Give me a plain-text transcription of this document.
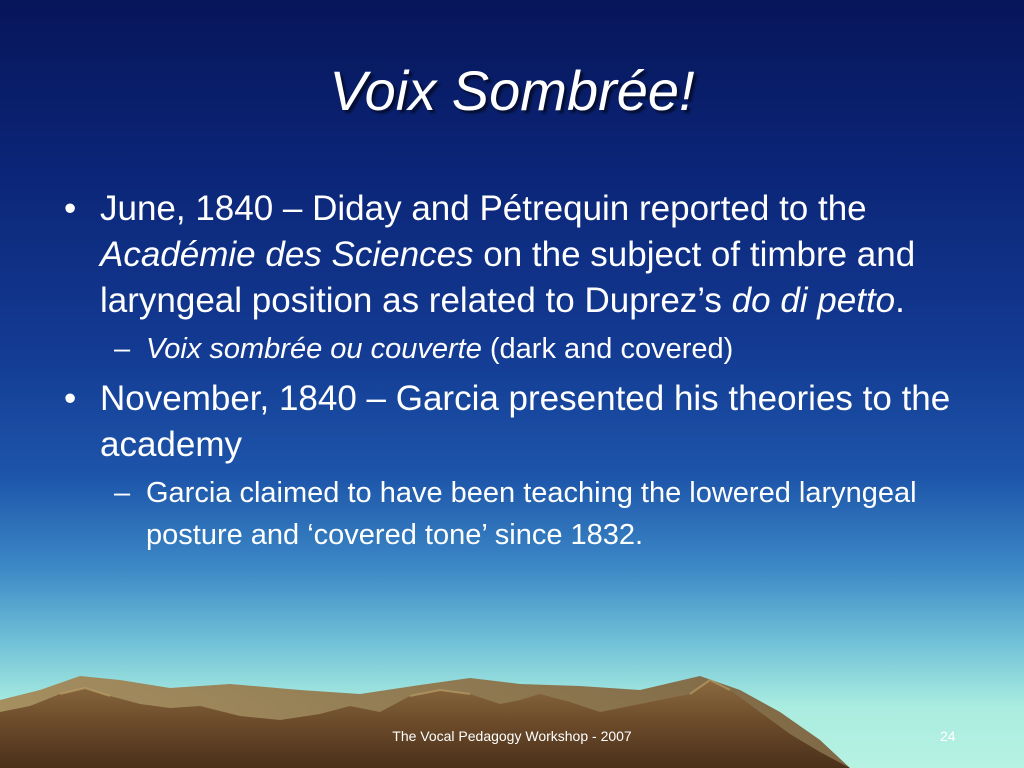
Voix Sombrée!
• June, 1840 – Diday and Pétrequin reported to the Académie des Sciences on the subject of timbre and laryngeal position as related to Duprez’s do di petto.
– Voix sombrée ou couverte (dark and covered)
• November, 1840 – Garcia presented his theories to the academy
– Garcia claimed to have been teaching the lowered laryngeal posture and ‘covered tone’ since 1832.
The Vocal Pedagogy Workshop - 2007	24
